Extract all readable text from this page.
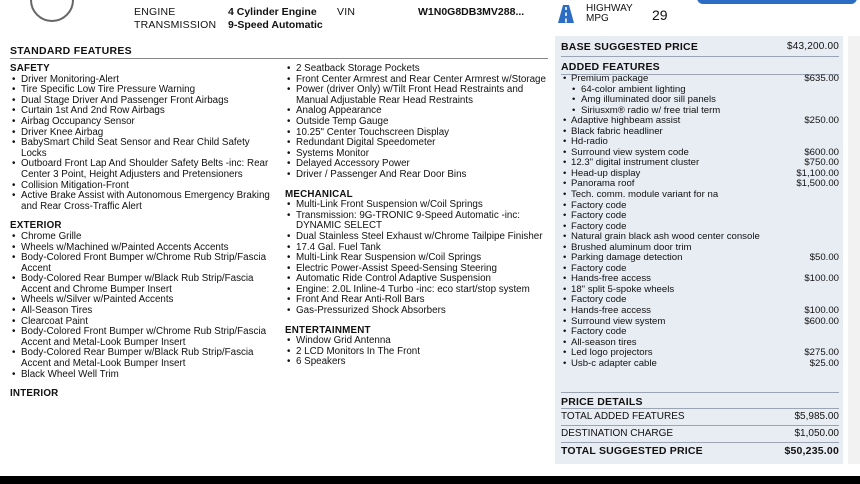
ENGINE	4 Cylinder Engine VIN	W1N0G8DB3MV288...
TRANSMISSION 9-Speed Automatic
HIGHWAY
MPG	29
STANDARD FEATURES
SAFETY
• Driver Monitoring-Alert
• Tire Specific Low Tire Pressure Warning
• Dual Stage Driver And Passenger Front Airbags
• Curtain 1st And 2nd Row Airbags
• Airbag Occupancy Sensor
• Driver Knee Airbag
• BabySmart Child Seat Sensor and Rear Child Safety Locks
• Outboard Front Lap And Shoulder Safety Belts -inc: Rear Center 3 Point, Height Adjusters and Pretensioners
• Collision Mitigation-Front
• Active Brake Assist with Autonomous Emergency Braking and Rear Cross-Traffic Alert
EXTERIOR
• Chrome Grille
• Wheels w/Machined w/Painted Accents Accents
• Body-Colored Front Bumper w/Chrome Rub Strip/Fascia Accent
• Body-Colored Rear Bumper w/Black Rub Strip/Fascia Accent and Chrome Bumper Insert
• Wheels w/Silver w/Painted Accents
• All-Season Tires
• Clearcoat Paint
• Body-Colored Front Bumper w/Chrome Rub Strip/Fascia Accent and Metal-Look Bumper Insert
• Body-Colored Rear Bumper w/Black Rub Strip/Fascia Accent and Metal-Look Bumper Insert
• Black Wheel Well Trim
INTERIOR
• 2 Seatback Storage Pockets
• Front Center Armrest and Rear Center Armrest w/Storage
• Power (driver Only) w/Tilt Front Head Restraints and Manual Adjustable Rear Head Restraints
• Analog Appearance
• Outside Temp Gauge
• 10.25" Center Touchscreen Display
• Redundant Digital Speedometer
• Systems Monitor
• Delayed Accessory Power
• Driver / Passenger And Rear Door Bins
MECHANICAL
• Multi-Link Front Suspension w/Coil Springs
• Transmission: 9G-TRONIC 9-Speed Automatic -inc: DYNAMIC SELECT
• Dual Stainless Steel Exhaust w/Chrome Tailpipe Finisher
• 17.4 Gal. Fuel Tank
• Multi-Link Rear Suspension w/Coil Springs
• Electric Power-Assist Speed-Sensing Steering
• Automatic Ride Control Adaptive Suspension
• Engine: 2.0L Inline-4 Turbo -inc: eco start/stop system
• Front And Rear Anti-Roll Bars
• Gas-Pressurized Shock Absorbers
ENTERTAINMENT
• Window Grid Antenna
• 2 LCD Monitors In The Front
• 6 Speakers
BASE SUGGESTED PRICE	$43,200.00
ADDED FEATURES
• Premium package	$635.00
• 64-color ambient lighting
• Amg illuminated door sill panels
• Siriusxm® radio w/ free trial term
• Adaptive highbeam assist	$250.00
• Black fabric headliner
• Hd-radio
• Surround view system code	$600.00
• 12.3" digital instrument cluster	$750.00
• Head-up display	$1,100.00
• Panorama roof	$1,500.00
• Tech. comm. module variant for na
• Factory code
• Factory code
• Factory code
• Natural grain black ash wood center console
• Brushed aluminum door trim
• Parking damage detection	$50.00
• Factory code
• Hands-free access	$100.00
• 18" split 5-spoke wheels
• Factory code
• Hands-free access	$100.00
• Surround view system	$600.00
• Factory code
• All-season tires
• Led logo projectors	$275.00
• Usb-c adapter cable	$25.00
PRICE DETAILS
TOTAL ADDED FEATURES	$5,985.00
DESTINATION CHARGE	$1,050.00
TOTAL SUGGESTED PRICE	$50,235.00
